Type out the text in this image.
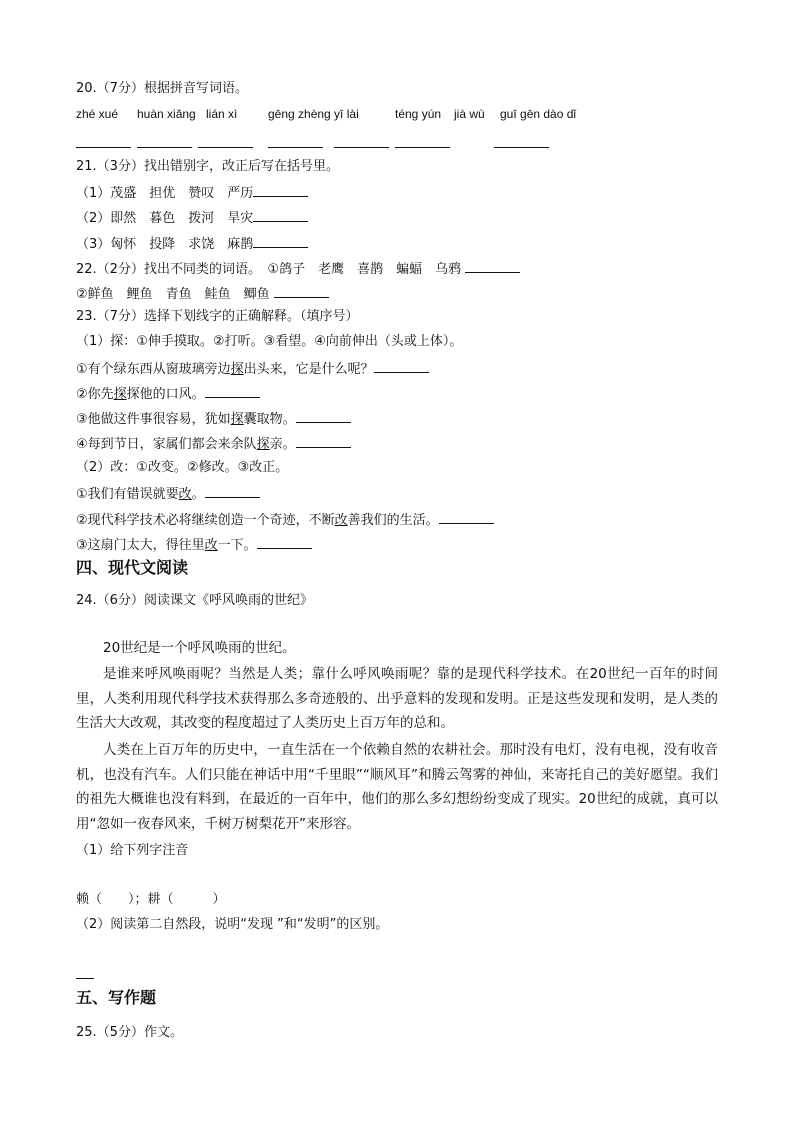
20.（7分）根据拼音写词语。
zhé xué huàn xiǎng lián xì	gēng zhèng yī lài	téng yún jià wù guī gēn dào dǐ
21.（3分）找出错别字，改正后写在括号里。
（1）茂盛　担优　赞叹　严历
（2）即然　暮色　拨河　旱灾
（3）匈怀　投降　求饶　麻鹊
22.（2分）找出不同类的词语。　①鸽子　老鹰　喜鹊　蝙蝠　乌鸦
②鲜鱼　鲤鱼　青鱼　鲑鱼　鲫鱼
23.（7分）选择下划线字的正确解释。（填序号）
（1）探：①伸手摸取。②打听。③看望。④向前伸出（头或上体）。
①有个绿东西从窗玻璃旁边探出头来，它是什么呢？
②你先探探他的口风。
③他做这件事很容易，犹如探囊取物。
④每到节日，家属们都会来余队探亲。
（2）改：①改变。②修改。③改正。
①我们有错误就要改。
②现代科学技术必将继续创造一个奇迹，不断改善我们的生活。
③这扇门太大，得往里改一下。
四、现代文阅读
24.（6分）阅读课文《呼风唤雨的世纪》
20世纪是一个呼风唤雨的世纪。
是谁来呼风唤雨呢？当然是人类；靠什么呼风唤雨呢？靠的是现代科学技术。在20世纪一百年的时间里，人类利用现代科学技术获得那么多奇迹般的、出乎意料的发现和发明。正是这些发现和发明，是人类的生活大大改观，其改变的程度超过了人类历史上百万年的总和。
人类在上百万年的历史中，一直生活在一个依赖自然的农耕社会。那时没有电灯，没有电视，没有收音机，也没有汽车。人们只能在神话中用“千里眼”“顺风耳”和腾云驾雾的神仙，来寄托自己的美好愿望。我们的祖先大概谁也没有料到，在最近的一百年中，他们的那么多幻想纷纷变成了现实。20世纪的成就，真可以用“忽如一夜春风来，千树万树梨花开”来形容。
（1）给下列字注音
赖（　　）；耕（　　　）
（2）阅读第二自然段，说明“发现 ”和“发明”的区别。
五、写作题
25.（5分）作文。
